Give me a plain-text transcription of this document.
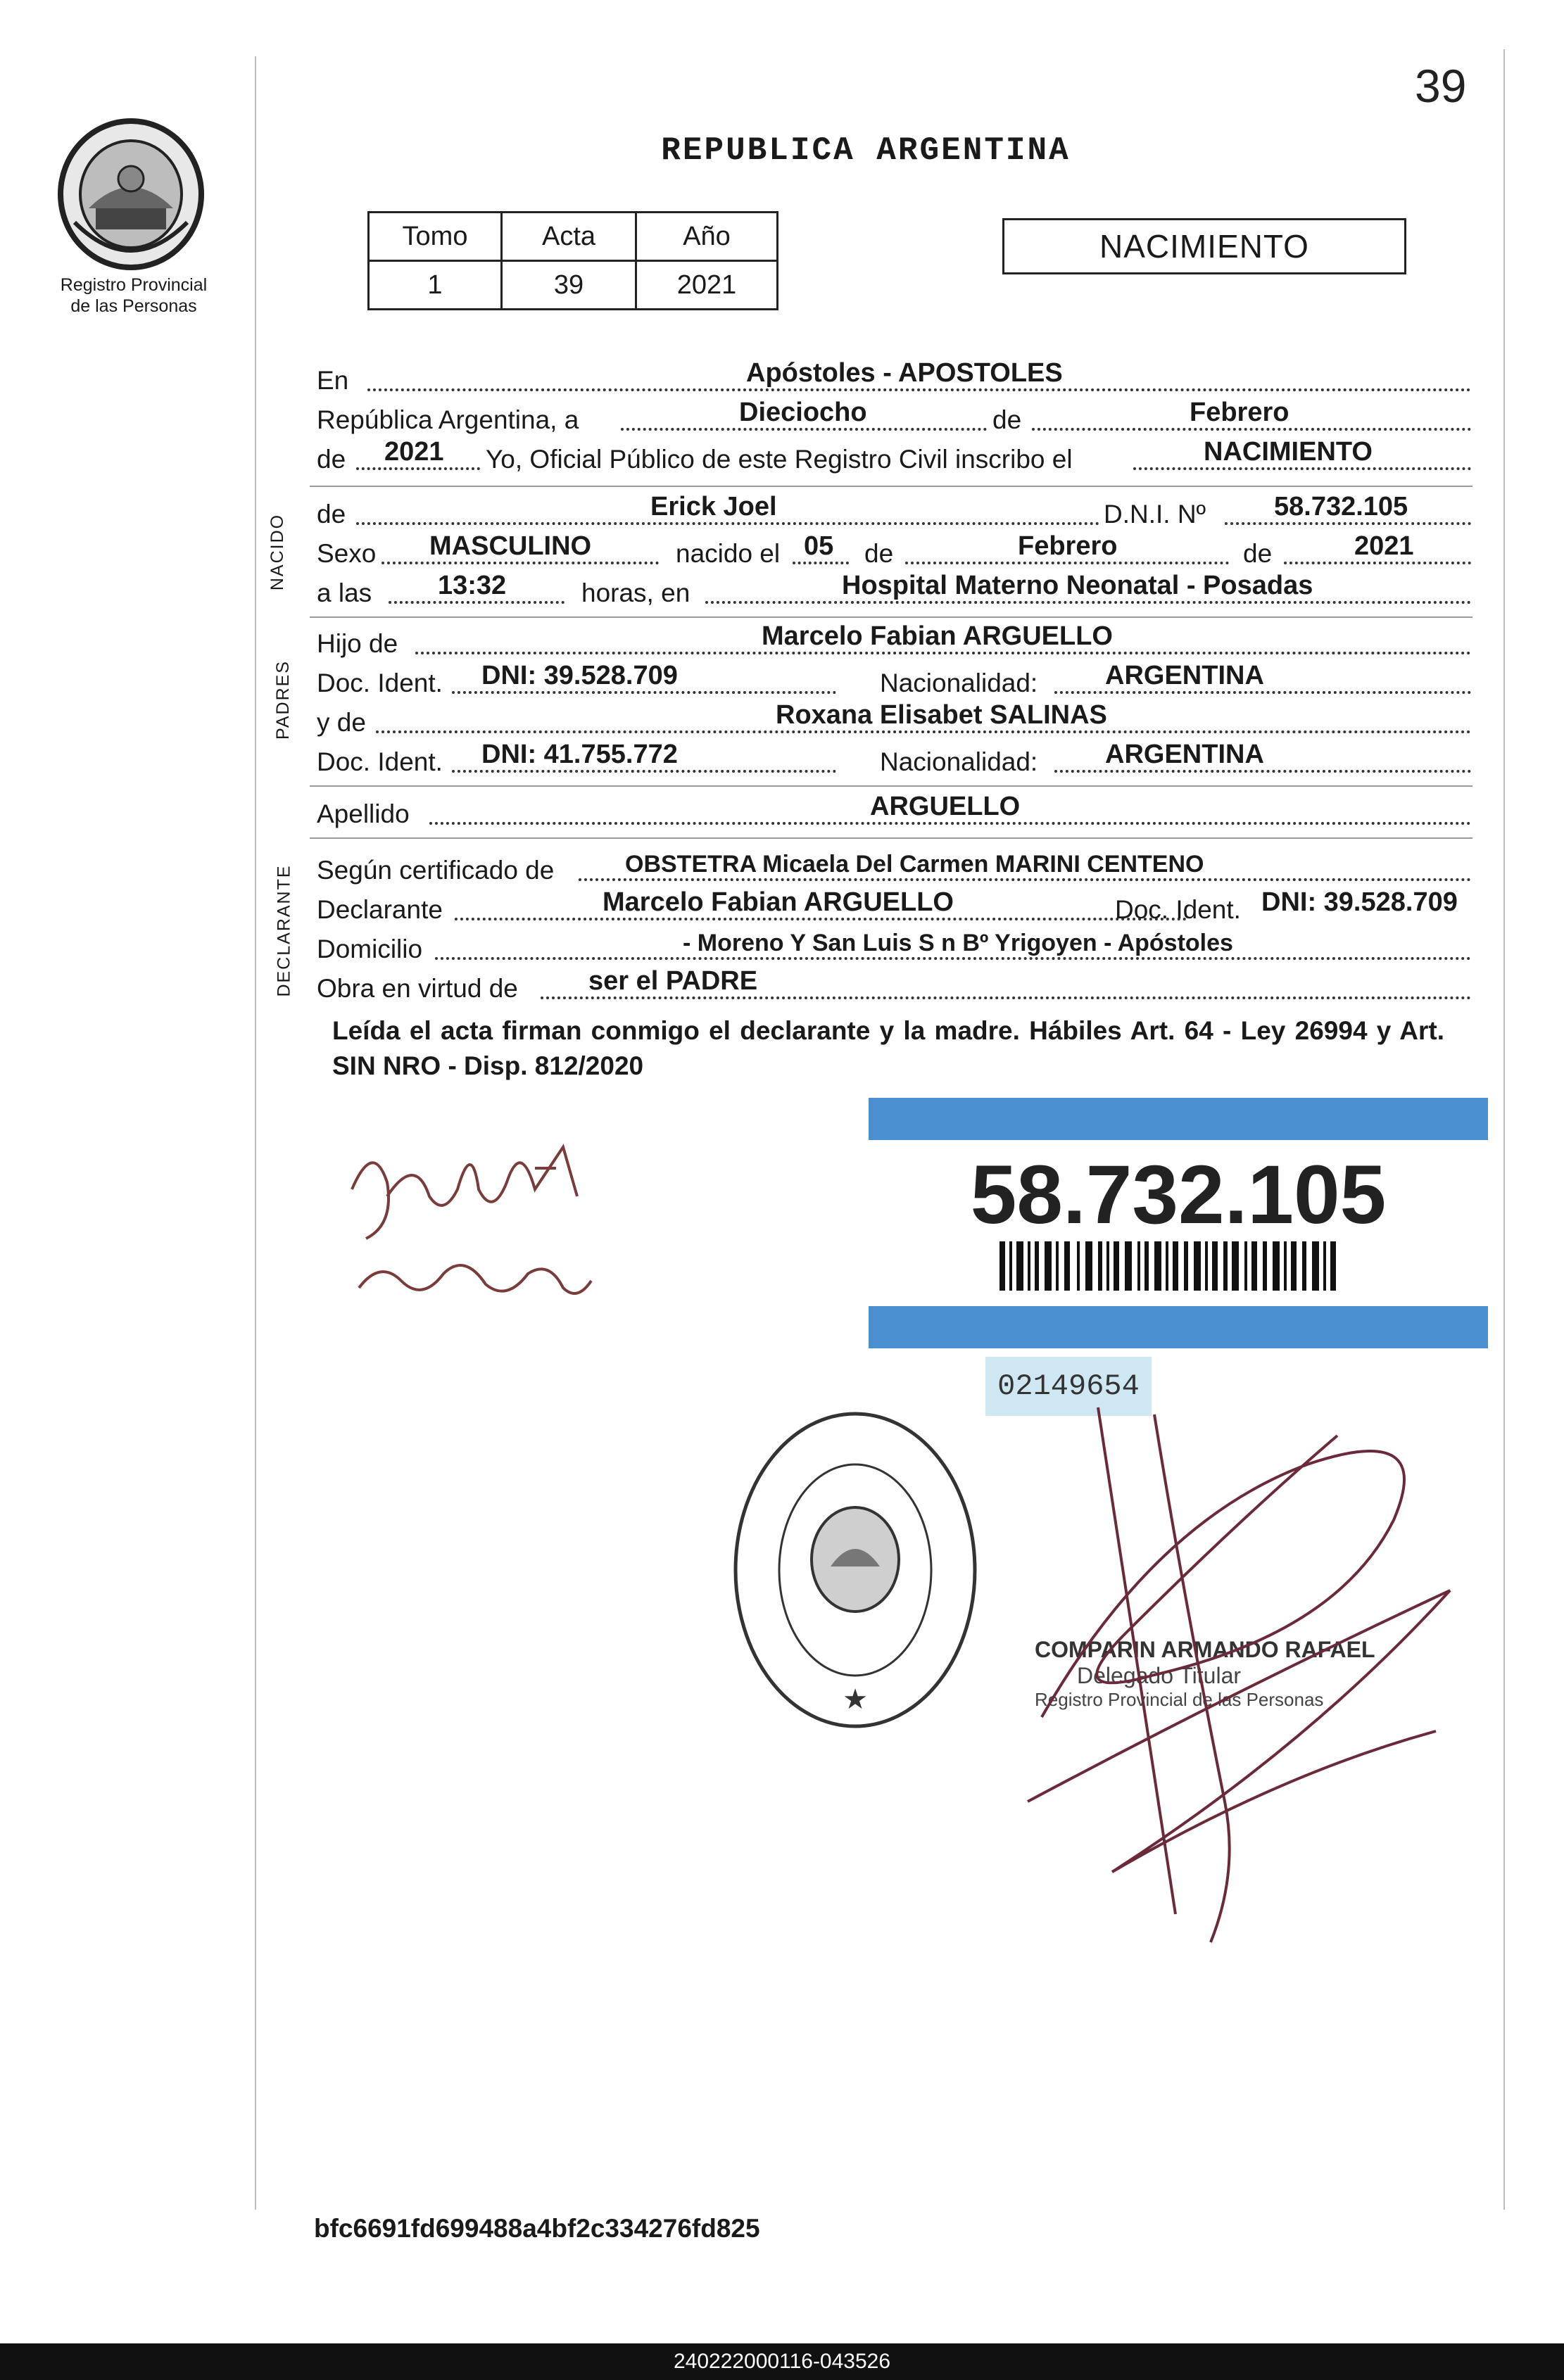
39
Registro Provincial
de las Personas
REPUBLICA ARGENTINA
Tomo	Acta	Año
1	39	2021
NACIMIENTO
En	Apóstoles - APOSTOLES
República Argentina, a	Dieciocho	de	Febrero
de 2021 Yo, Oficial Público de este Registro Civil inscribo el	NACIMIENTO
NACIDO de	Erick Joel	D.N.I. Nº	58.732.105
Sexo MASCULINO	nacido el 05 de	Febrero	de	2021
a las 13:32	horas, en	Hospital Materno Neonatal - Posadas
PADRES
Hijo de	Marcelo Fabian ARGUELLO
Doc. Ident. DNI: 39.528.709	Nacionalidad:	ARGENTINA
y de	Roxana Elisabet SALINAS
Doc. Ident. DNI: 41.755.772	Nacionalidad:	ARGENTINA
Apellido	ARGUELLO
DECLARANTE Según certificado de	OBSTETRA Micaela Del Carmen MARINI CENTENO
Declarante	Marcelo Fabian ARGUELLO	Doc. Ident. DNI: 39.528.709
Domicilio	- Moreno Y San Luis S n Bº Yrigoyen - Apóstoles
Obra en virtud de	ser el PADRE
Leída el acta firman conmigo el declarante y la madre. Hábiles Art. 64 - Ley 26994 y Art. SIN NRO - Disp. 812/2020
58.732.105
02149654
★
COMPARIN ARMANDO RAFAEL
Delegado Titular
Registro Provincial de las Personas
bfc6691fd699488a4bf2c334276fd825
240222000116-043526
